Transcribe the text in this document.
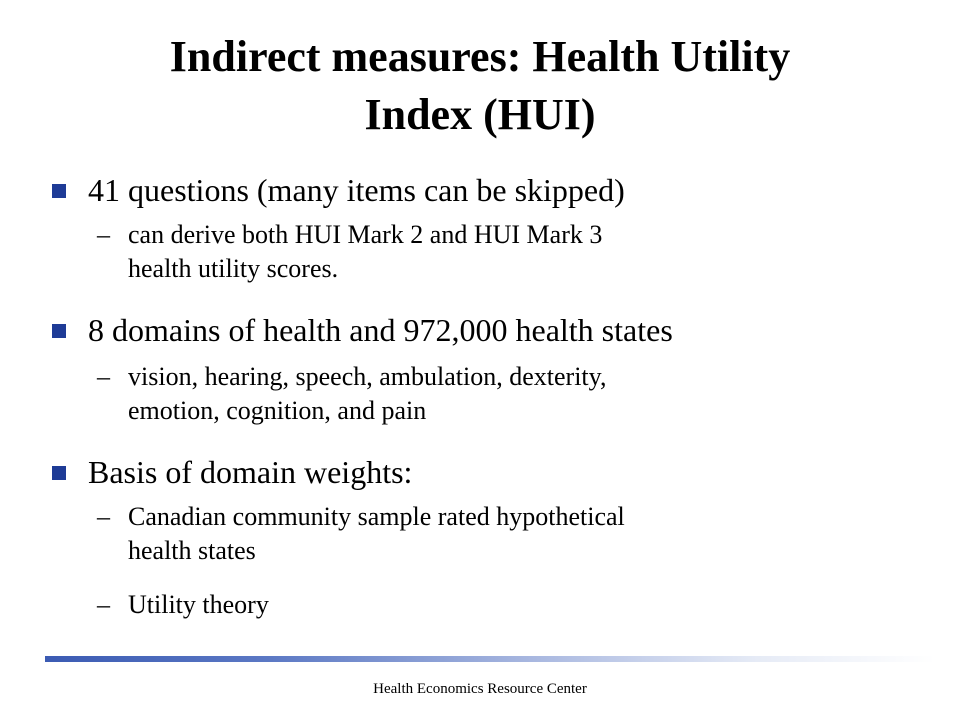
Indirect measures: Health Utility
Index (HUI)
41 questions (many items can be skipped)
– can derive both HUI Mark 2 and HUI Mark 3
health utility scores.
8 domains of health and 972,000 health states
– vision, hearing, speech, ambulation, dexterity,
emotion, cognition, and pain
Basis of domain weights:
– Canadian community sample rated hypothetical
health states
– Utility theory
Health Economics Resource Center
